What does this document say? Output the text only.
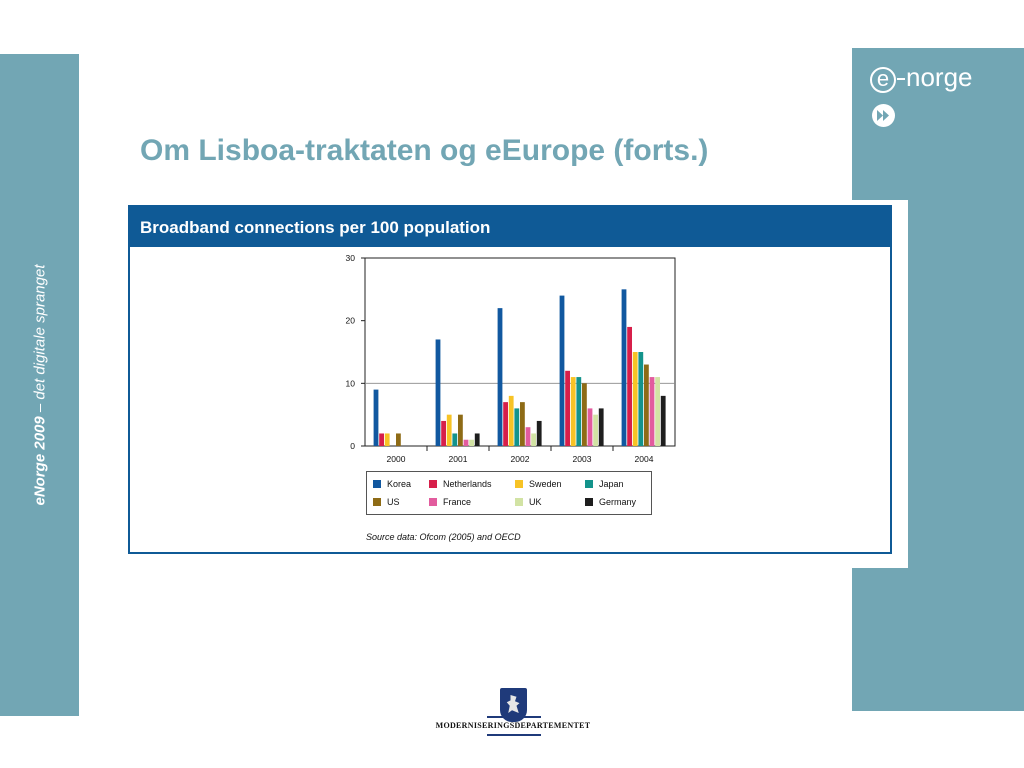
eNorge 2009 – det digitale spranget
e norge
Om Lisboa-traktaten og eEurope (forts.)
Broadband connections per 100 population
0
10
20
30
2000	2001	2002	2003	2004
Korea	Netherlands	Sweden	Japan
US	France	UK	Germany
Source data: Ofcom (2005) and OECD
MODERNISERINGSDEPARTEMENTET
